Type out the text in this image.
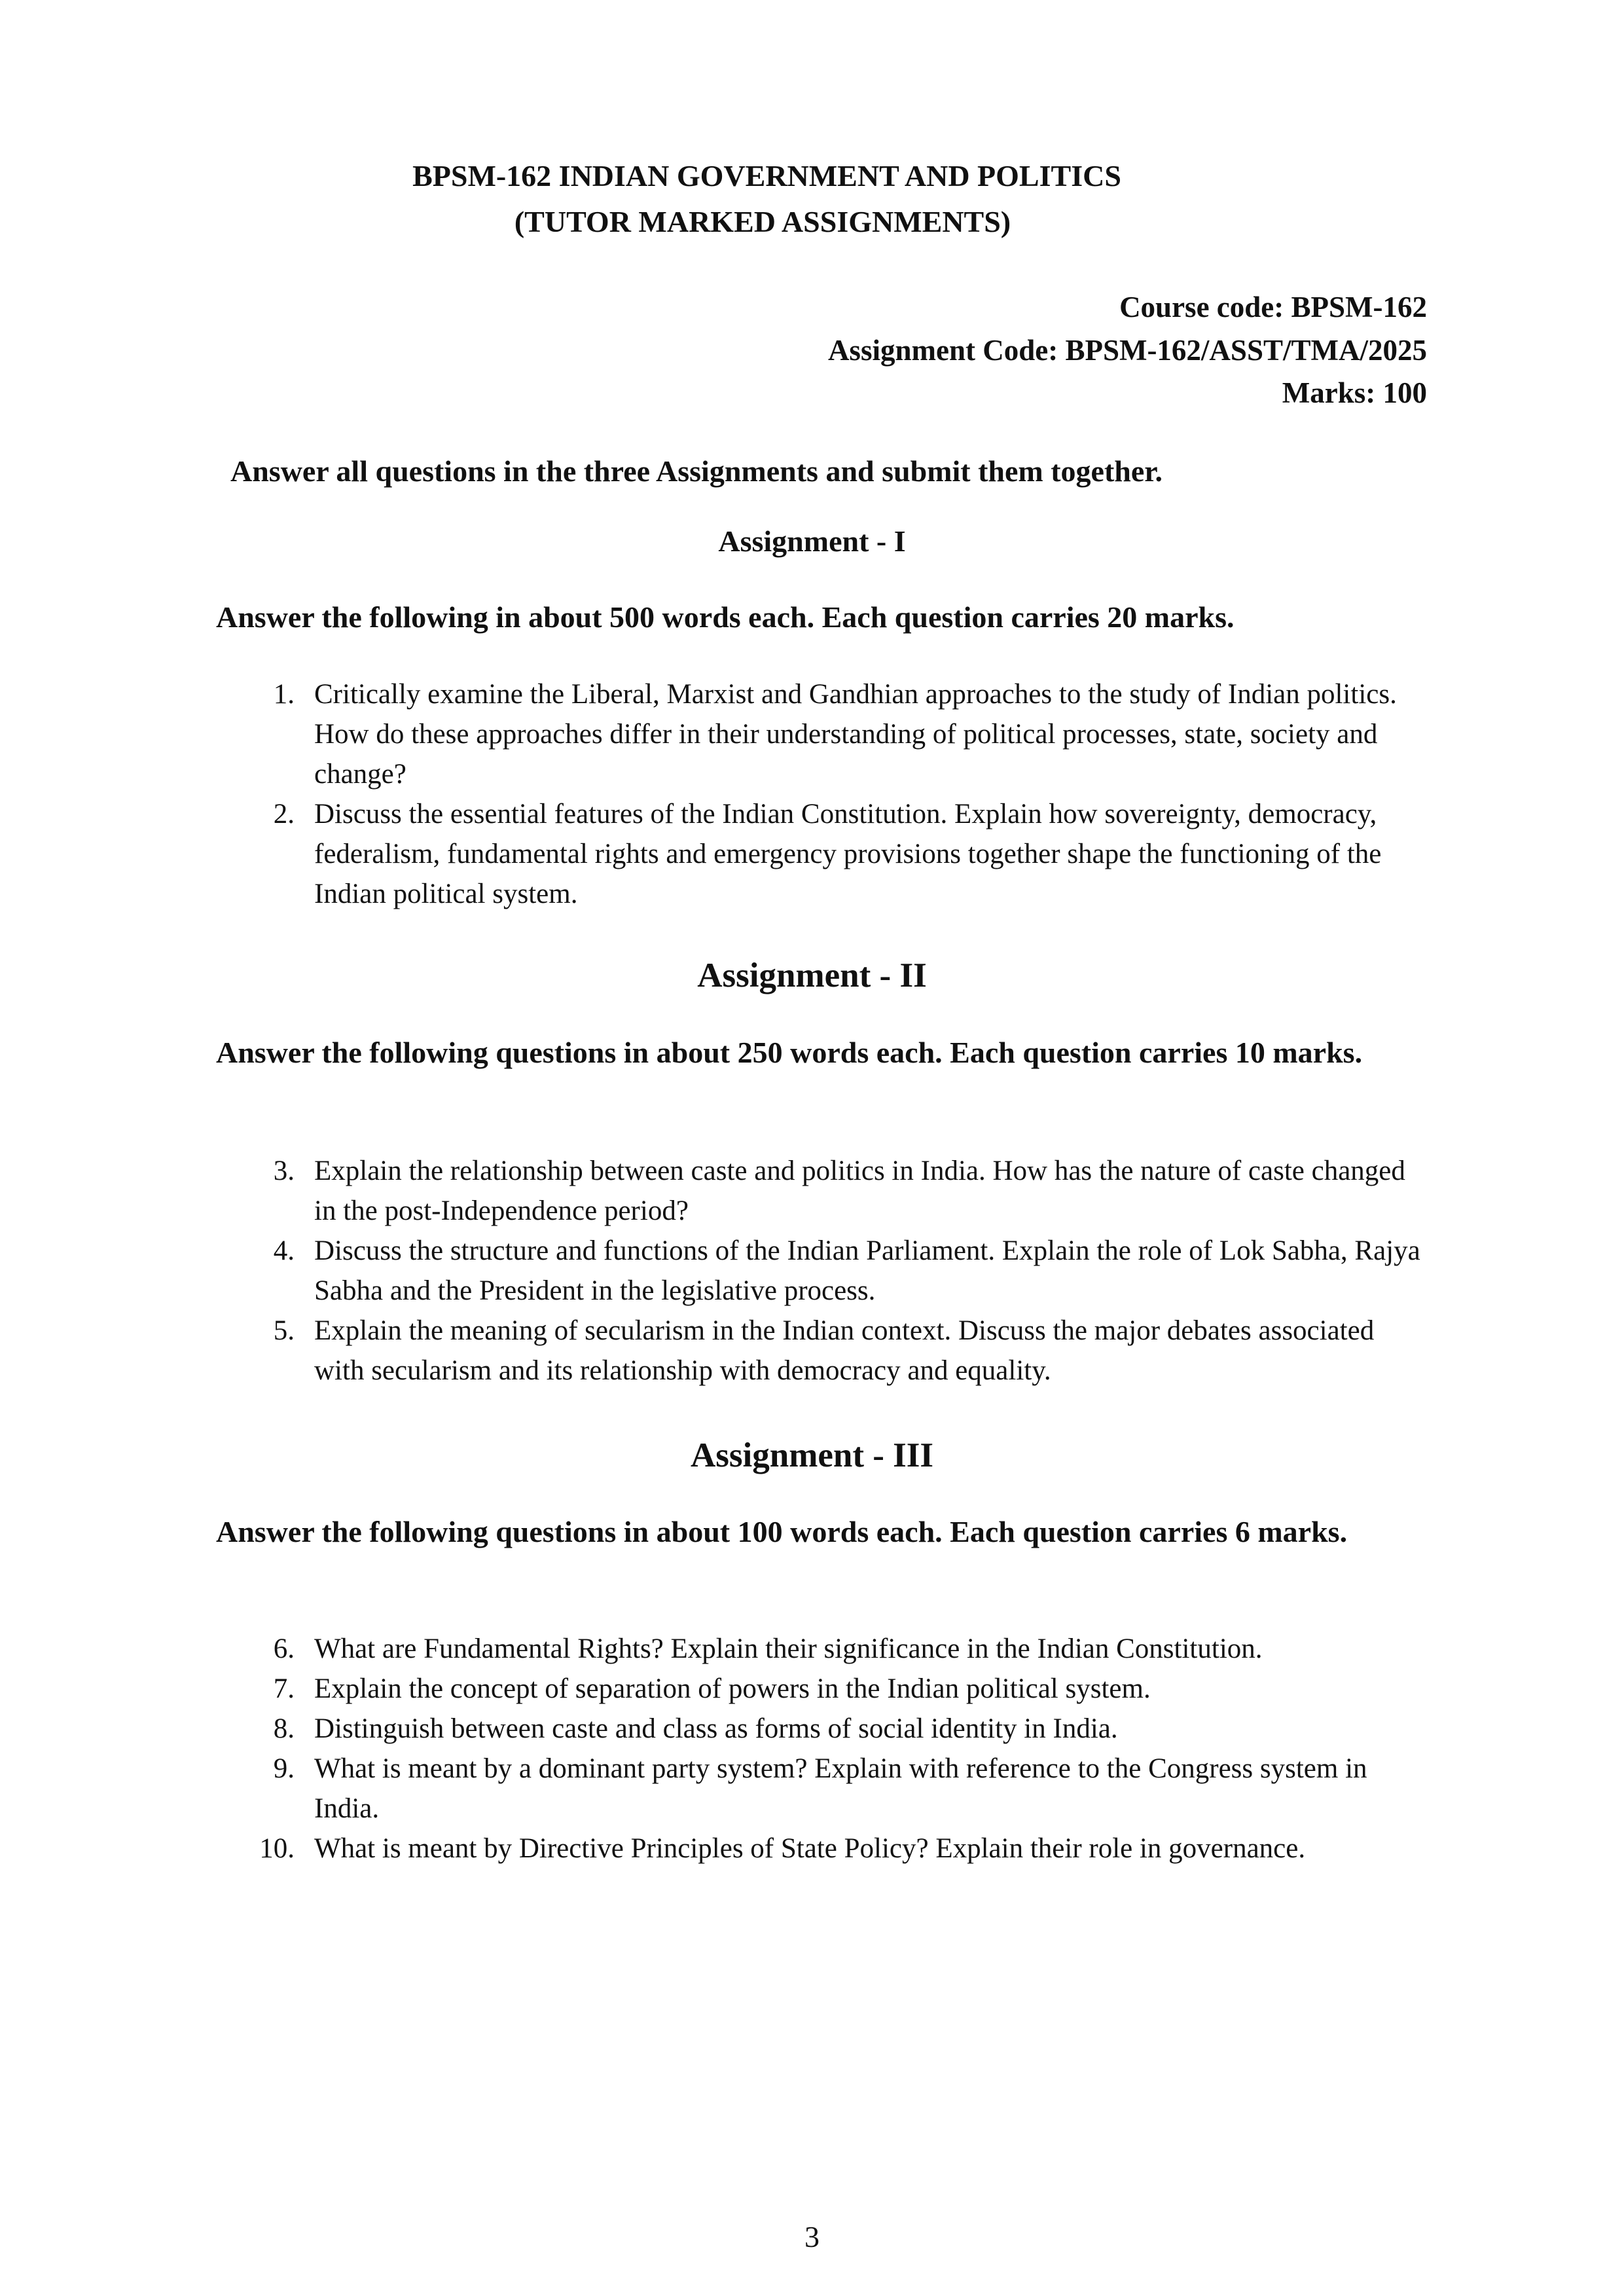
BPSM-162 INDIAN GOVERNMENT AND POLITICS
(TUTOR MARKED ASSIGNMENTS)
Course code: BPSM-162
Assignment Code: BPSM-162/ASST/TMA/2025
Marks: 100
Answer all questions in the three Assignments and submit them together.
Assignment - I
Answer the following in about 500 words each. Each question carries 20 marks.
1. Critically examine the Liberal, Marxist and Gandhian approaches to the study of Indian politics. How do these approaches differ in their understanding of political processes, state, society and change?
2. Discuss the essential features of the Indian Constitution. Explain how sovereignty, democracy, federalism, fundamental rights and emergency provisions together shape the functioning of the Indian political system.
Assignment - II
Answer the following questions in about 250 words each. Each question carries 10 marks.
3. Explain the relationship between caste and politics in India. How has the nature of caste changed in the post-Independence period?
4. Discuss the structure and functions of the Indian Parliament. Explain the role of Lok Sabha, Rajya Sabha and the President in the legislative process.
5. Explain the meaning of secularism in the Indian context. Discuss the major debates associated with secularism and its relationship with democracy and equality.
Assignment - III
Answer the following questions in about 100 words each. Each question carries 6 marks.
6. What are Fundamental Rights? Explain their significance in the Indian Constitution.
7. Explain the concept of separation of powers in the Indian political system.
8. Distinguish between caste and class as forms of social identity in India.
9. What is meant by a dominant party system? Explain with reference to the Congress system in India.
10. What is meant by Directive Principles of State Policy? Explain their role in governance.
3
